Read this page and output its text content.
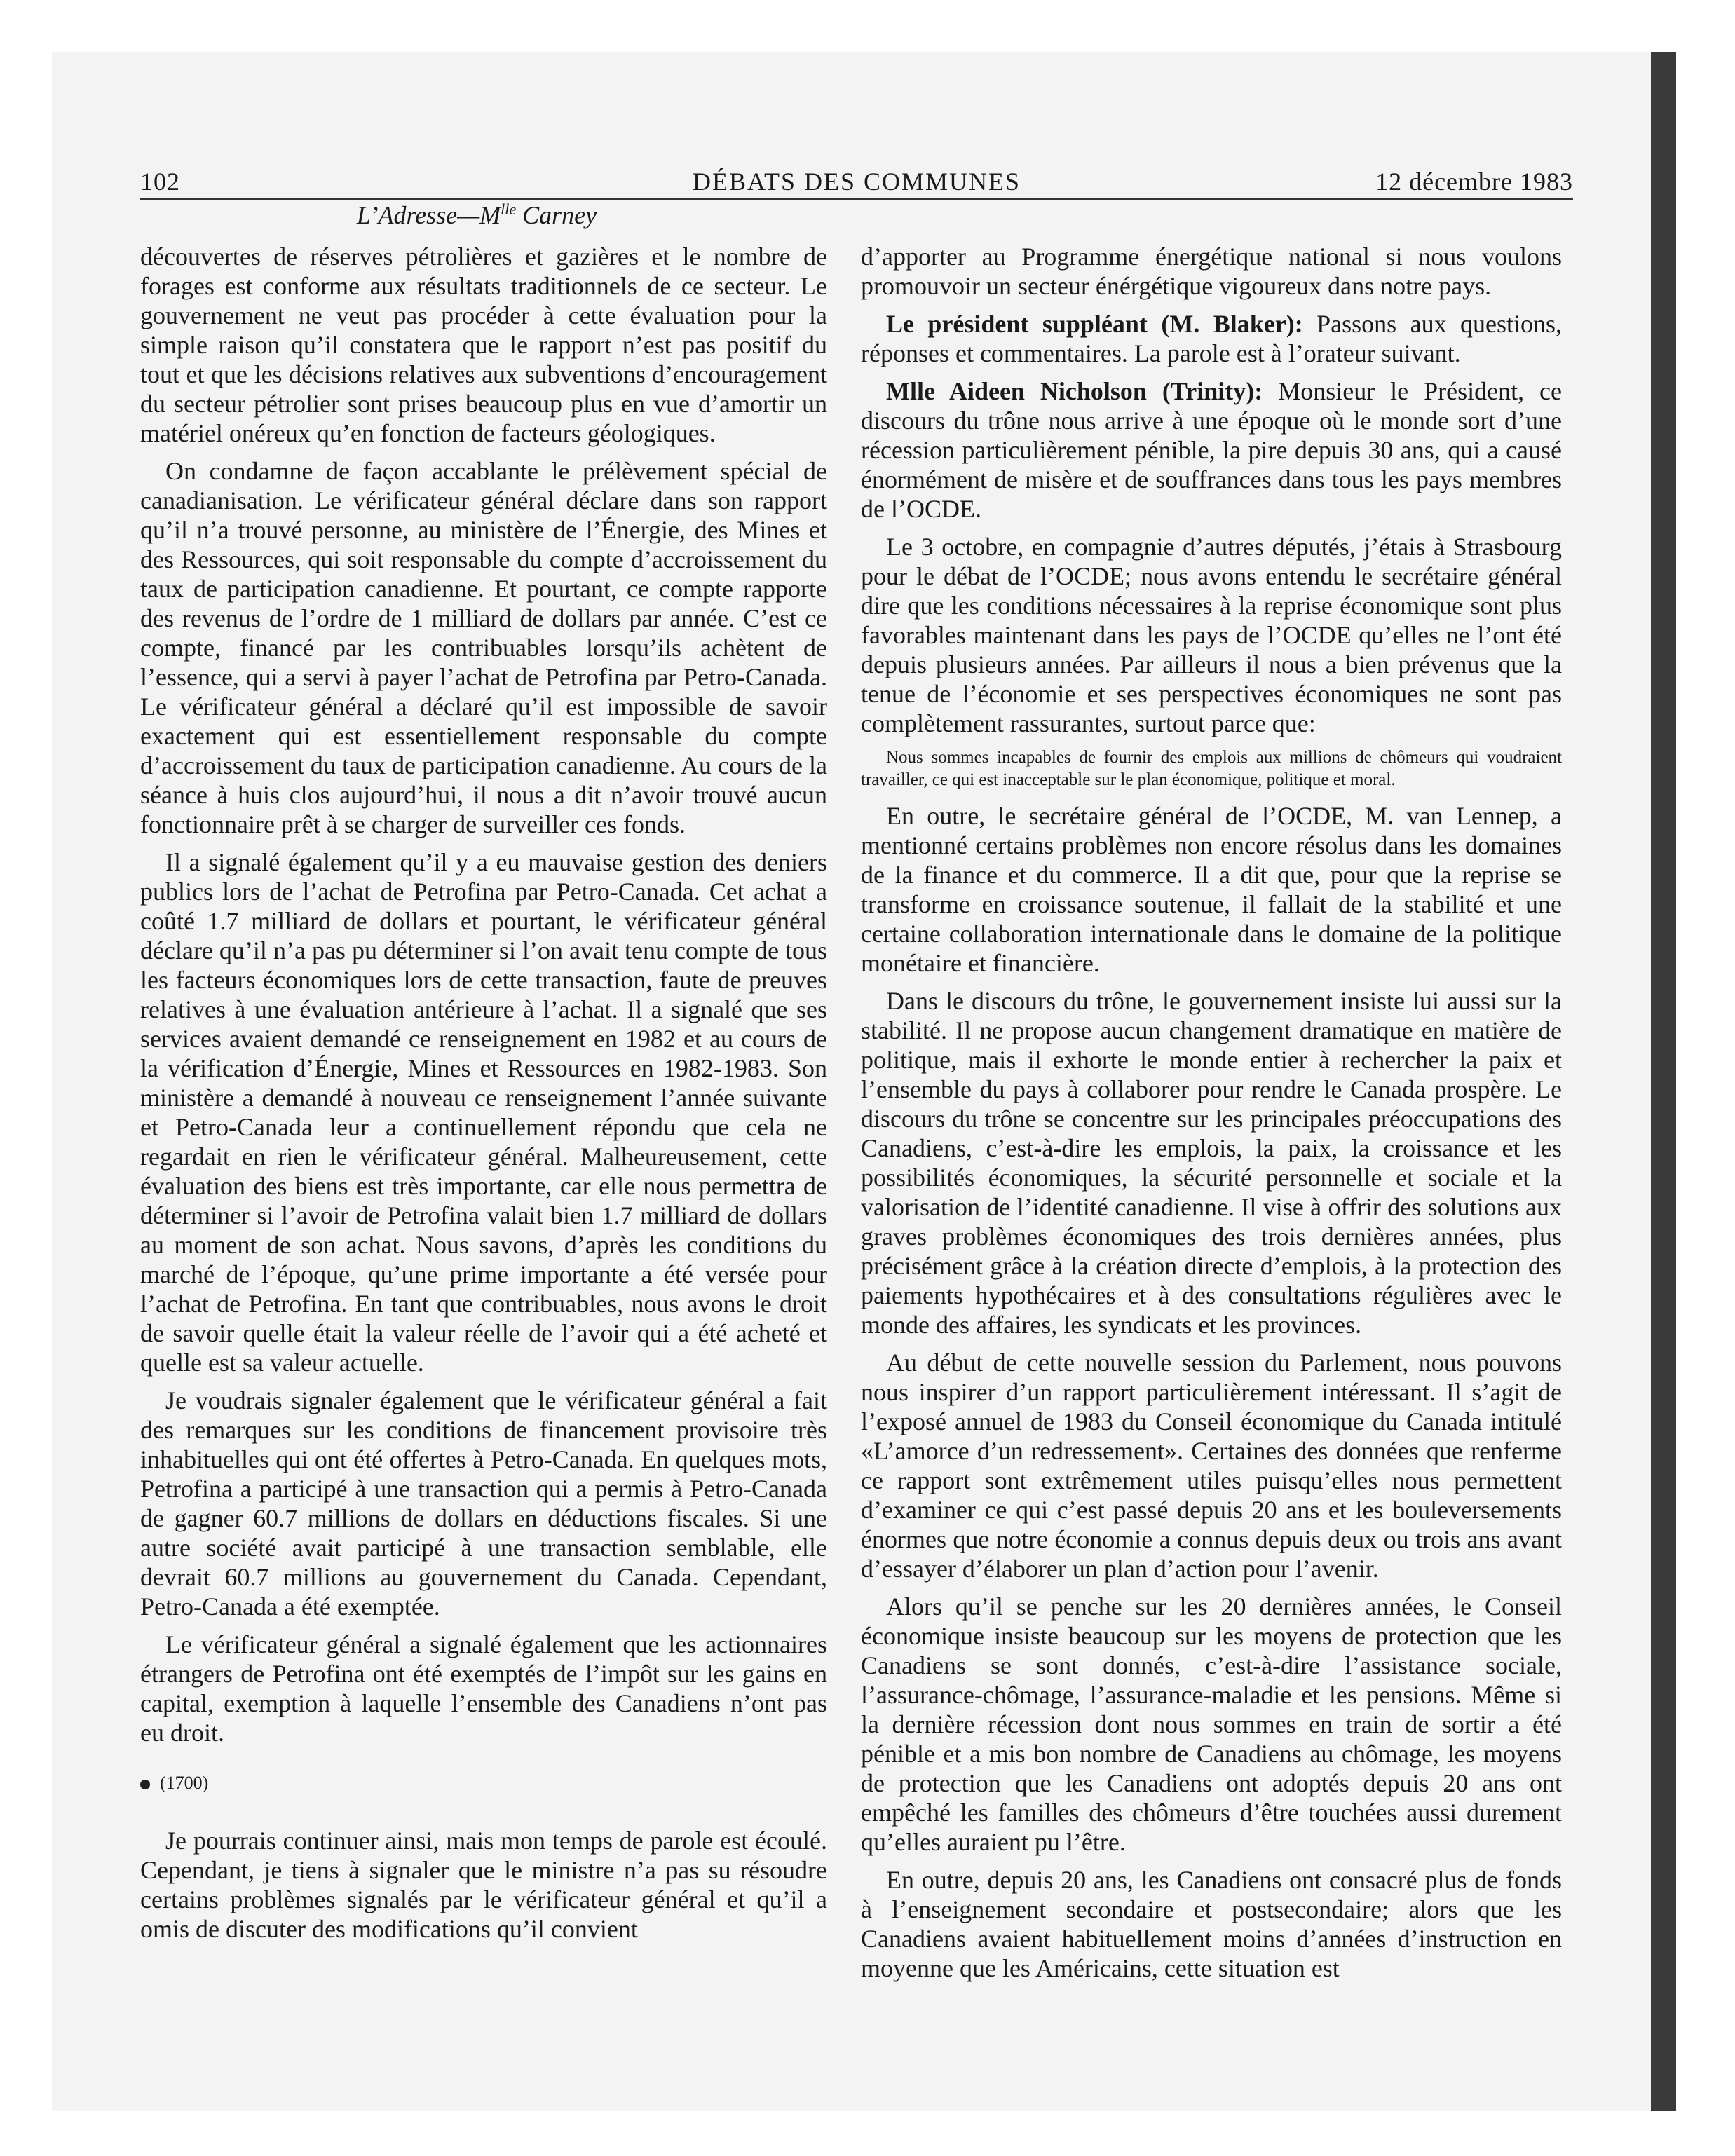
102	DÉBATS DES COMMUNES	12 décembre 1983
$L’Adresse—M^{lle}$ Carney

découvertes de réserves pétrolières et gazières et le nombre de forages est conforme aux résultats traditionnels de ce secteur. Le gouvernement ne veut pas procéder à cette évaluation pour la simple raison qu’il constatera que le rapport n’est pas positif du tout et que les décisions relatives aux subventions d’encouragement du secteur pétrolier sont prises beaucoup plus en vue d’amortir un matériel onéreux qu’en fonction de facteurs géologiques.

On condamne de façon accablante le prélèvement spécial de canadianisation. Le vérificateur général déclare dans son rapport qu’il n’a trouvé personne, au ministère de l’Énergie, des Mines et des Ressources, qui soit responsable du compte d’accroissement du taux de participation canadienne. Et pourtant, ce compte rapporte des revenus de l’ordre de 1 milliard de dollars par année. C’est ce compte, financé par les contribuables lorsqu’ils achètent de l’essence, qui a servi à payer l’achat de Petrofina par Petro-Canada. Le vérificateur général a déclaré qu’il est impossible de savoir exactement qui est essentiellement responsable du compte d’accroissement du taux de participation canadienne. Au cours de la séance à huis clos aujourd’hui, il nous a dit n’avoir trouvé aucun fonctionnaire prêt à se charger de surveiller ces fonds.

Il a signalé également qu’il y a eu mauvaise gestion des deniers publics lors de l’achat de Petrofina par Petro-Canada. Cet achat a coûté 1.7 milliard de dollars et pourtant, le vérificateur général déclare qu’il n’a pas pu déterminer si l’on avait tenu compte de tous les facteurs économiques lors de cette transaction, faute de preuves relatives à une évaluation antérieure à l’achat. Il a signalé que ses services avaient demandé ce renseignement en 1982 et au cours de la vérification d’Énergie, Mines et Ressources en 1982-1983. Son ministère a demandé à nouveau ce renseignement l’année suivante et Petro-Canada leur a continuellement répondu que cela ne regardait en rien le vérificateur général. Malheureusement, cette évaluation des biens est très importante, car elle nous permettra de déterminer si l’avoir de Petrofina valait bien 1.7 milliard de dollars au moment de son achat. Nous savons, d’après les conditions du marché de l’époque, qu’une prime importante a été versée pour l’achat de Petrofina. En tant que contribuables, nous avons le droit de savoir quelle était la valeur réelle de l’avoir qui a été acheté et quelle est sa valeur actuelle.

Je voudrais signaler également que le vérificateur général a fait des remarques sur les conditions de financement provisoire très inhabituelles qui ont été offertes à Petro-Canada. En quelques mots, Petrofina a participé à une transaction qui a permis à Petro-Canada de gagner 60.7 millions de dollars en déductions fiscales. Si une autre société avait participé à une transaction semblable, elle devrait 60.7 millions au gouvernement du Canada. Cependant, Petro-Canada a été exemptée.

Le vérificateur général a signalé également que les actionnaires étrangers de Petrofina ont été exemptés de l’impôt sur les gains en capital, exemption à laquelle l’ensemble des Canadiens n’ont pas eu droit.

(1700)

Je pourrais continuer ainsi, mais mon temps de parole est écoulé. Cependant, je tiens à signaler que le ministre n’a pas su résoudre certains problèmes signalés par le vérificateur général et qu’il a omis de discuter des modifications qu’il convient

d’apporter au Programme énergétique national si nous voulons promouvoir un secteur énérgétique vigoureux dans notre pays.

Le président suppléant (M. Blaker): Passons aux questions, réponses et commentaires. La parole est à l’orateur suivant.

Mlle Aideen Nicholson (Trinity): Monsieur le Président, ce discours du trône nous arrive à une époque où le monde sort d’une récession particulièrement pénible, la pire depuis 30 ans, qui a causé énormément de misère et de souffrances dans tous les pays membres de l’OCDE.

Le 3 octobre, en compagnie d’autres députés, j’étais à Strasbourg pour le débat de l’OCDE; nous avons entendu le secrétaire général dire que les conditions nécessaires à la reprise économique sont plus favorables maintenant dans les pays de l’OCDE qu’elles ne l’ont été depuis plusieurs années. Par ailleurs il nous a bien prévenus que la tenue de l’économie et ses perspectives économiques ne sont pas complètement rassurantes, surtout parce que:

Nous sommes incapables de fournir des emplois aux millions de chômeurs qui voudraient travailler, ce qui est inacceptable sur le plan économique, politique et moral.

En outre, le secrétaire général de l’OCDE, M. van Lennep, a mentionné certains problèmes non encore résolus dans les domaines de la finance et du commerce. Il a dit que, pour que la reprise se transforme en croissance soutenue, il fallait de la stabilité et une certaine collaboration internationale dans le domaine de la politique monétaire et financière.

Dans le discours du trône, le gouvernement insiste lui aussi sur la stabilité. Il ne propose aucun changement dramatique en matière de politique, mais il exhorte le monde entier à rechercher la paix et l’ensemble du pays à collaborer pour rendre le Canada prospère. Le discours du trône se concentre sur les principales préoccupations des Canadiens, c’est-à-dire les emplois, la paix, la croissance et les possibilités économiques, la sécurité personnelle et sociale et la valorisation de l’identité canadienne. Il vise à offrir des solutions aux graves problèmes économiques des trois dernières années, plus précisément grâce à la création directe d’emplois, à la protection des paiements hypothécaires et à des consultations régulières avec le monde des affaires, les syndicats et les provinces.

Au début de cette nouvelle session du Parlement, nous pouvons nous inspirer d’un rapport particulièrement intéressant. Il s’agit de l’exposé annuel de 1983 du Conseil économique du Canada intitulé «L’amorce d’un redressement». Certaines des données que renferme ce rapport sont extrêmement utiles puisqu’elles nous permettent d’examiner ce qui c’est passé depuis 20 ans et les bouleversements énormes que notre économie a connus depuis deux ou trois ans avant d’essayer d’élaborer un plan d’action pour l’avenir.

Alors qu’il se penche sur les 20 dernières années, le Conseil économique insiste beaucoup sur les moyens de protection que les Canadiens se sont donnés, c’est-à-dire l’assistance sociale, l’assurance-chômage, l’assurance-maladie et les pensions. Même si la dernière récession dont nous sommes en train de sortir a été pénible et a mis bon nombre de Canadiens au chômage, les moyens de protection que les Canadiens ont adoptés depuis 20 ans ont empêché les familles des chômeurs d’être touchées aussi durement qu’elles auraient pu l’être.

En outre, depuis 20 ans, les Canadiens ont consacré plus de fonds à l’enseignement secondaire et postsecondaire; alors que les Canadiens avaient habituellement moins d’années d’instruction en moyenne que les Américains, cette situation est
